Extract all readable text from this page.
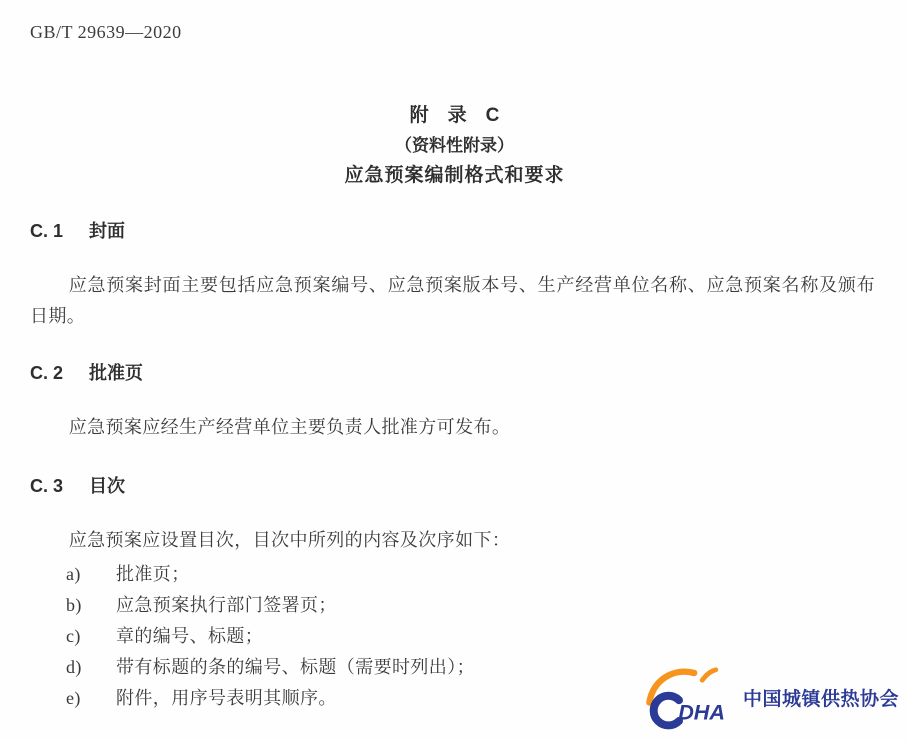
GB/T 29639—2020
附　录　C
（资料性附录）
应急预案编制格式和要求
C. 1 封面

应急预案封面主要包括应急预案编号、应急预案版本号、生产经营单位名称、应急预案名称及颁布日期。

C. 2 批准页

应急预案应经生产经营单位主要负责人批准方可发布。

C. 3 目次

应急预案应设置目次，目次中所列的内容及次序如下：

a)	批准页；
b)	应急预案执行部门签署页；
c)	章的编号、标题；
d)	带有标题的条的编号、标题（需要时列出）；
e)	附件，用序号表明其顺序。
DHA
中国城镇供热协会
